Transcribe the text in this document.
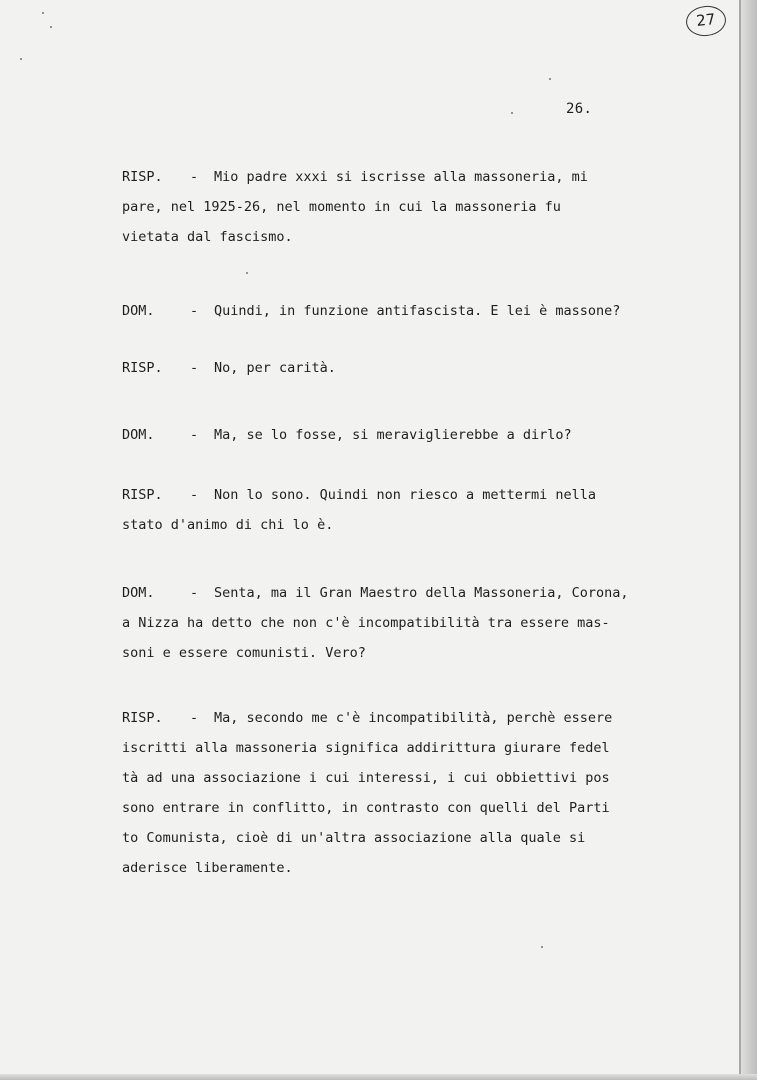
27
26.
RISP. - Mio padre xxxi si iscrisse alla massoneria, mi
pare, nel 1925-26, nel momento in cui la massoneria fu
vietata dal fascismo.
DOM.	- Quindi, in funzione antifascista. E lei è massone?
RISP. - No, per carità.
DOM.	- Ma, se lo fosse, si meraviglierebbe a dirlo?
RISP. - Non lo sono. Quindi non riesco a mettermi nella
stato d'animo di chi lo è.
DOM.	- Senta, ma il Gran Maestro della Massoneria, Corona,
a Nizza ha detto che non c'è incompatibilità tra essere mas-
soni e essere comunisti. Vero?
RISP. - Ma, secondo me c'è incompatibilità, perchè essere
iscritti alla massoneria significa addirittura giurare fedel
tà ad una associazione i cui interessi, i cui obbiettivi pos
sono entrare in conflitto, in contrasto con quelli del Parti
to Comunista, cioè di un'altra associazione alla quale si
aderisce liberamente.
